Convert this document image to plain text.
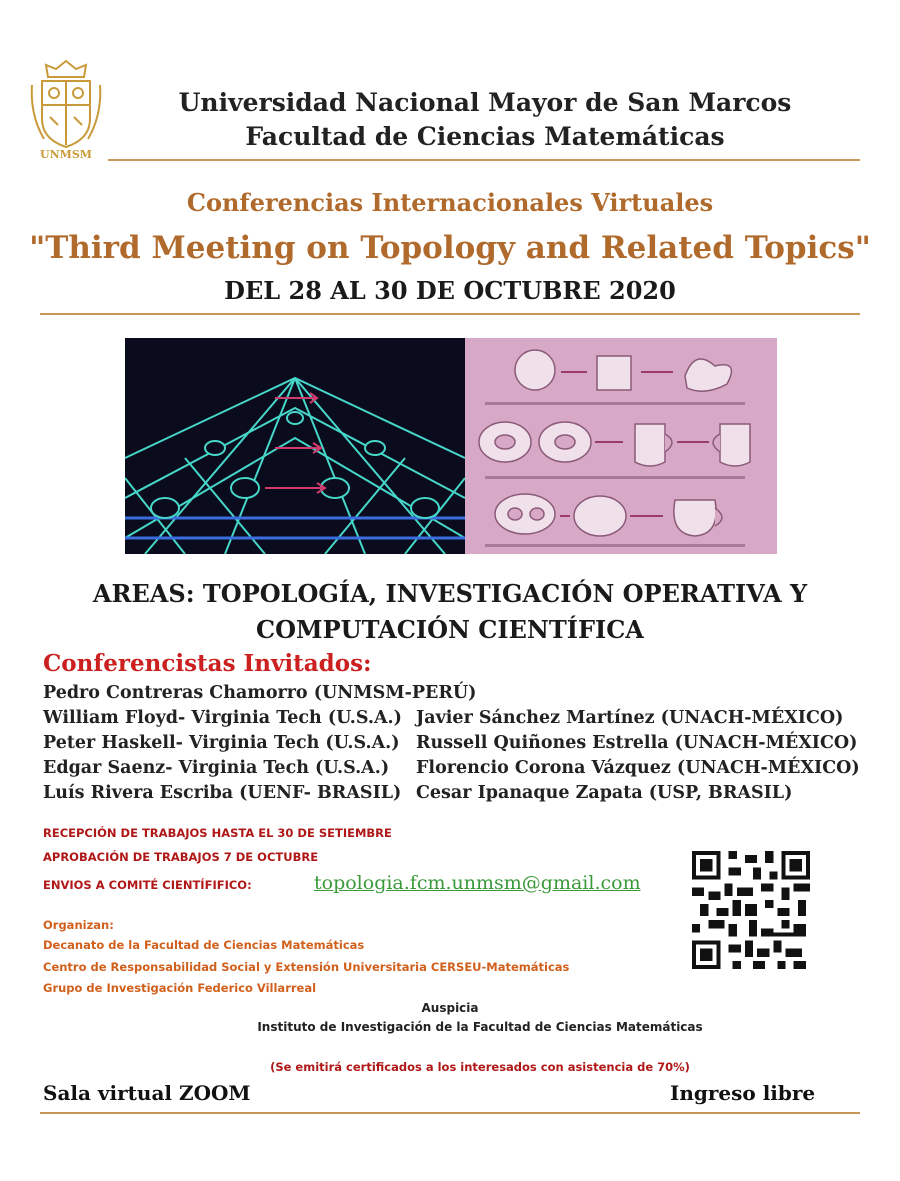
UNMSM
Universidad Nacional Mayor de San Marcos
Facultad de Ciencias Matemáticas
Conferencias Internacionales Virtuales
"Third Meeting on Topology and Related Topics"
DEL 28 AL 30 DE OCTUBRE 2020
AREAS: TOPOLOGÍA, INVESTIGACIÓN OPERATIVA Y
COMPUTACIÓN CIENTÍFICA
Conferencistas Invitados:
Pedro Contreras Chamorro (UNMSM-PERÚ)
William Floyd- Virginia Tech (U.S.A.)
Peter Haskell- Virginia Tech (U.S.A.)
Edgar Saenz- Virginia Tech (U.S.A.)
Luís Rivera Escriba (UENF- BRASIL)
Javier Sánchez Martínez (UNACH-MÉXICO)
Russell Quiñones Estrella (UNACH-MÉXICO)
Florencio Corona Vázquez (UNACH-MÉXICO)
Cesar Ipanaque Zapata (USP, BRASIL)
RECEPCIÓN DE TRABAJOS HASTA EL 30 DE SETIEMBRE
APROBACIÓN DE TRABAJOS 7 DE OCTUBRE
ENVIOS A COMITÉ CIENTÍFIFICO:	topologia.fcm.unmsm@gmail.com
Organizan:
Decanato de la Facultad de Ciencias Matemáticas
Centro de Responsabilidad Social y Extensión Universitaria CERSEU-Matemáticas
Grupo de Investigación Federico Villarreal
Auspicia
Instituto de Investigación de la Facultad de Ciencias Matemáticas
(Se emitirá certificados a los interesados con asistencia de 70%)
Sala virtual ZOOM	Ingreso libre
